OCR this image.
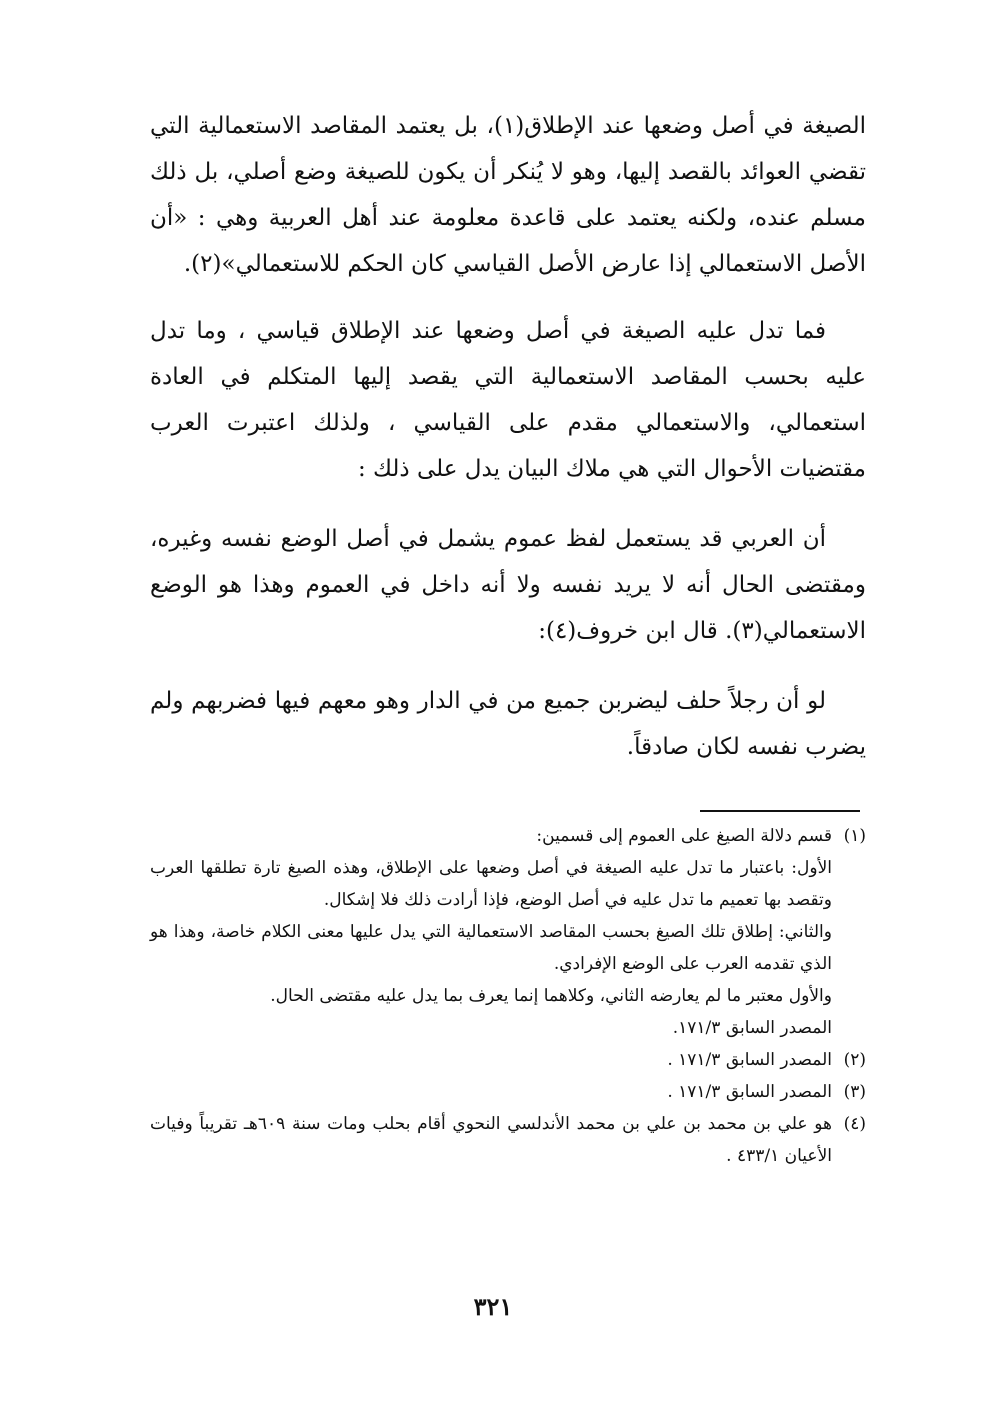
الصيغة في أصل وضعها عند الإطلاق(١)، بل يعتمد المقاصد الاستعمالية التي تقضي العوائد بالقصد إليها، وهو لا يُنكر أن يكون للصيغة وضع أصلي، بل ذلك مسلم عنده، ولكنه يعتمد على قاعدة معلومة عند أهل العربية وهي : «أن الأصل الاستعمالي إذا عارض الأصل القياسي كان الحكم للاستعمالي»(٢).

فما تدل عليه الصيغة في أصل وضعها عند الإطلاق قياسي ، وما تدل عليه بحسب المقاصد الاستعمالية التي يقصد إليها المتكلم في العادة استعمالي، والاستعمالي مقدم على القياسي ، ولذلك اعتبرت العرب مقتضيات الأحوال التي هي ملاك البيان يدل على ذلك :

أن العربي قد يستعمل لفظ عموم يشمل في أصل الوضع نفسه وغيره، ومقتضى الحال أنه لا يريد نفسه ولا أنه داخل في العموم وهذا هو الوضع الاستعمالي(٣). قال ابن خروف(٤):

لو أن رجلاً حلف ليضربن جميع من في الدار وهو معهم فيها فضربهم ولم يضرب نفسه لكان صادقاً.

(١)
قسم دلالة الصيغ على العموم إلى قسمين:
الأول: باعتبار ما تدل عليه الصيغة في أصل وضعها على الإطلاق، وهذه الصيغ تارة تطلقها العرب وتقصد بها تعميم ما تدل عليه في أصل الوضع، فإذا أرادت ذلك فلا إشكال.
والثاني: إطلاق تلك الصيغ بحسب المقاصد الاستعمالية التي يدل عليها معنى الكلام خاصة، وهذا هو الذي تقدمه العرب على الوضع الإفرادي.
والأول معتبر ما لم يعارضه الثاني، وكلاهما إنما يعرف بما يدل عليه مقتضى الحال.
المصدر السابق ١٧١/٣.
(٢)
المصدر السابق ١٧١/٣ .
(٣)
المصدر السابق ١٧١/٣ .
(٤)
هو علي بن محمد بن علي بن محمد الأندلسي النحوي أقام بحلب ومات سنة ٦٠٩هـ تقريباً وفيات الأعيان ٤٣٣/١ .
٣٢١
